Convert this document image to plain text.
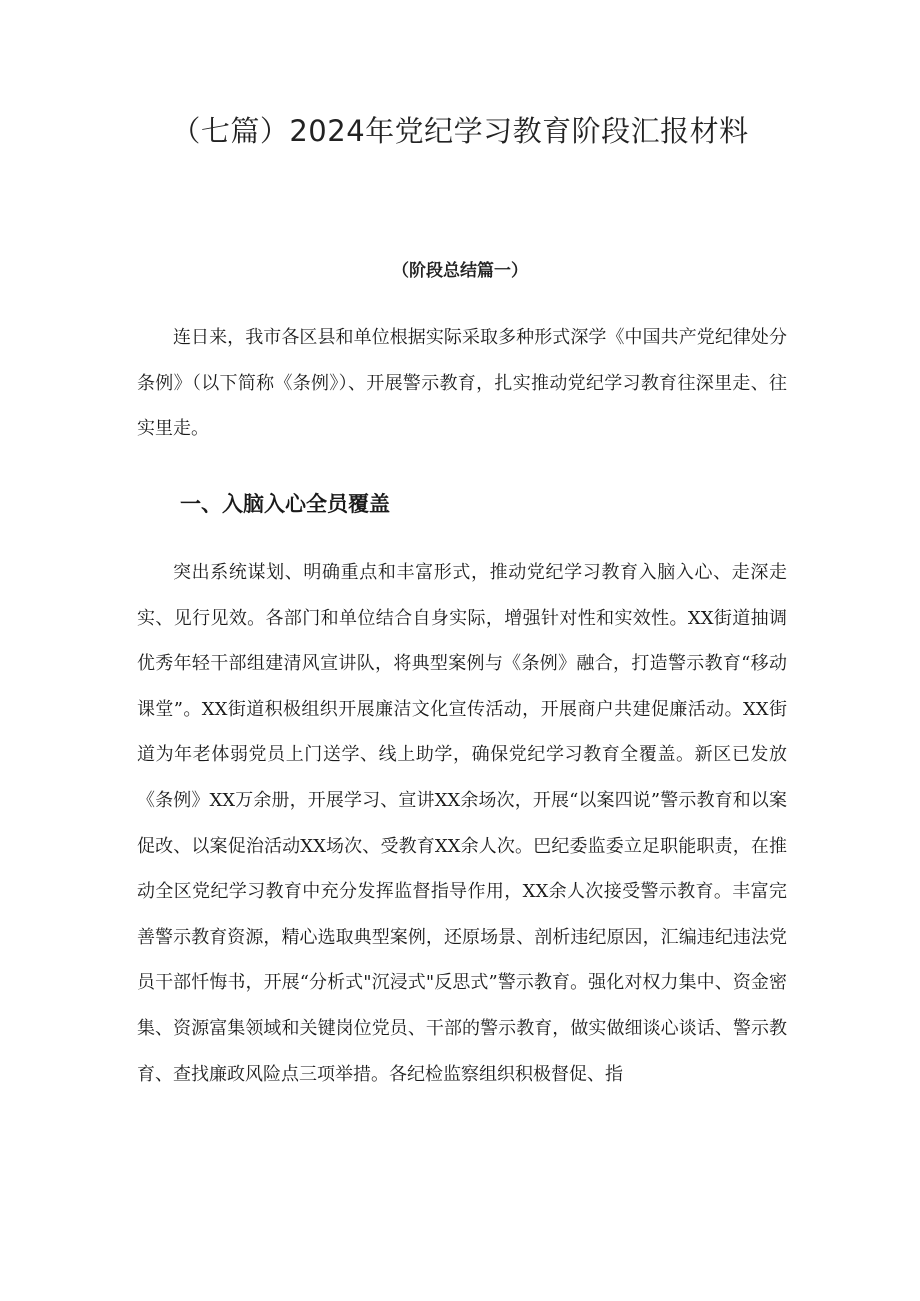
（七篇）2024年党纪学习教育阶段汇报材料
（阶段总结篇一）

连日来，我市各区县和单位根据实际采取多种形式深学《中国共产党纪律处分条例》（以下简称《条例》）、开展警示教育，扎实推动党纪学习教育往深里走、往实里走。

一、入脑入心全员覆盖

突出系统谋划、明确重点和丰富形式，推动党纪学习教育入脑入心、走深走实、见行见效。各部门和单位结合自身实际，增强针对性和实效性。XX街道抽调优秀年轻干部组建清风宣讲队，将典型案例与《条例》融合，打造警示教育“移动课堂”。XX街道积极组织开展廉洁文化宣传活动，开展商户共建促廉活动。XX街道为年老体弱党员上门送学、线上助学，确保党纪学习教育全覆盖。新区已发放《条例》XX万余册，开展学习、宣讲XX余场次，开展“以案四说”警示教育和以案促改、以案促治活动XX场次、受教育XX余人次。巴纪委监委立足职能职责，在推动全区党纪学习教育中充分发挥监督指导作用，XX余人次接受警示教育。丰富完善警示教育资源，精心选取典型案例，还原场景、剖析违纪原因，汇编违纪违法党员干部忏悔书，开展“分析式"沉浸式"反思式”警示教育。强化对权力集中、资金密集、资源富集领域和关键岗位党员、干部的警示教育，做实做细谈心谈话、警示教育、查找廉政风险点三项举措。各纪检监察组织积极督促、指
